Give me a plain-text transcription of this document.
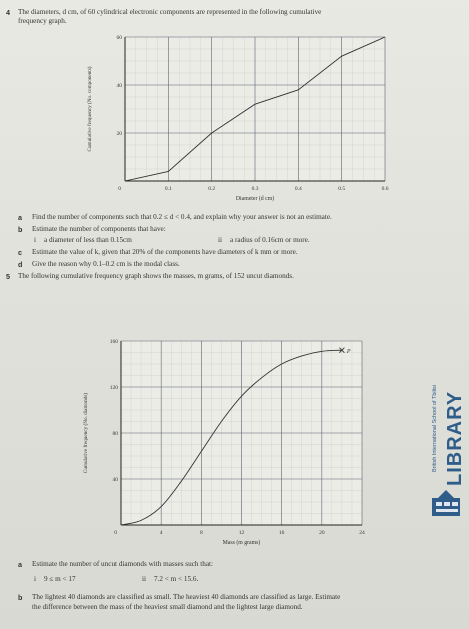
4 The diameters, d cm, of 60 cylindrical electronic components are represented in the following cumulative
frequency graph.
0.1	0.2	0.3	0.4	0.5	0.6
20
40
60
0
Diameter (d cm)
Cumulative frequency (No. components)
a Find the number of components such that 0.2 ≤ d < 0.4, and explain why your answer is not an estimate.
b Estimate the number of components that have:
i a diameter of less than 0.15cm	ii a radius of 0.16cm or more.
c Estimate the value of k, given that 20% of the components have diameters of k mm or more.
d Give the reason why 0.1–0.2 cm is the modal class.
5 The following cumulative frequency graph shows the masses, m grams, of 152 uncut diamonds.
4	8	12	16	20	24
40
80
120
160
0
Mass (m grams)
Cumulative frequency (No. diamonds)
P
a Estimate the number of uncut diamonds with masses such that:
i 9 ≤ m < 17	ii 7.2 < m < 15.6.
b The lightest 40 diamonds are classified as small. The heaviest 40 diamonds are classified as large. Estimate
the difference between the mass of the heaviest small diamond and the lightest large diamond.
British International School of Tbilisi LIBRARY
